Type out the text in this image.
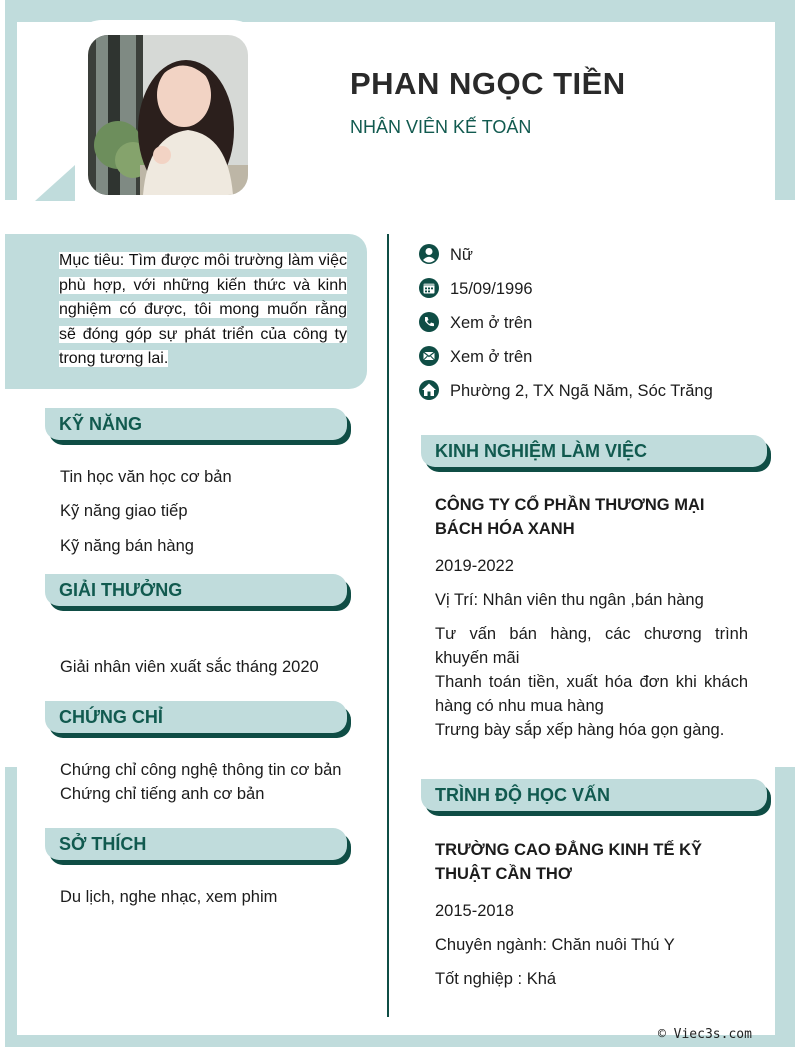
PHAN NGỌC TIỀN
NHÂN VIÊN KẾ TOÁN
Mục tiêu: Tìm được môi trường làm việc phù hợp, với những kiến thức và kinh nghiệm có được, tôi mong muốn rằng sẽ đóng góp sự phát triển của công ty trong tương lai.
Nữ
15/09/1996
Xem ở trên
Xem ở trên
Phường 2, TX Ngã Năm, Sóc Trăng
KỸ NĂNG
Tin học văn học cơ bản
Kỹ năng giao tiếp
Kỹ năng bán hàng
GIẢI THƯỞNG
Giải nhân viên xuất sắc tháng 2020
CHỨNG CHỈ
Chứng chỉ công nghệ thông tin cơ bản
Chứng chỉ tiếng anh cơ bản
SỞ THÍCH
Du lịch, nghe nhạc, xem phim
KINH NGHIỆM LÀM VIỆC
CÔNG TY CỔ PHẦN THƯƠNG MẠI BÁCH HÓA XANH
2019-2022
Vị Trí: Nhân viên thu ngân ,bán hàng
Tư vấn bán hàng, các chương trình khuyến mãi
Thanh toán tiền, xuất hóa đơn khi khách hàng có nhu mua hàng
Trưng bày sắp xếp hàng hóa gọn gàng.
TRÌNH ĐỘ HỌC VẤN
TRƯỜNG CAO ĐẲNG KINH TẾ KỸ THUẬT CẦN THƠ
2015-2018
Chuyên ngành: Chăn nuôi Thú Y
Tốt nghiệp : Khá
© Viec3s.com
